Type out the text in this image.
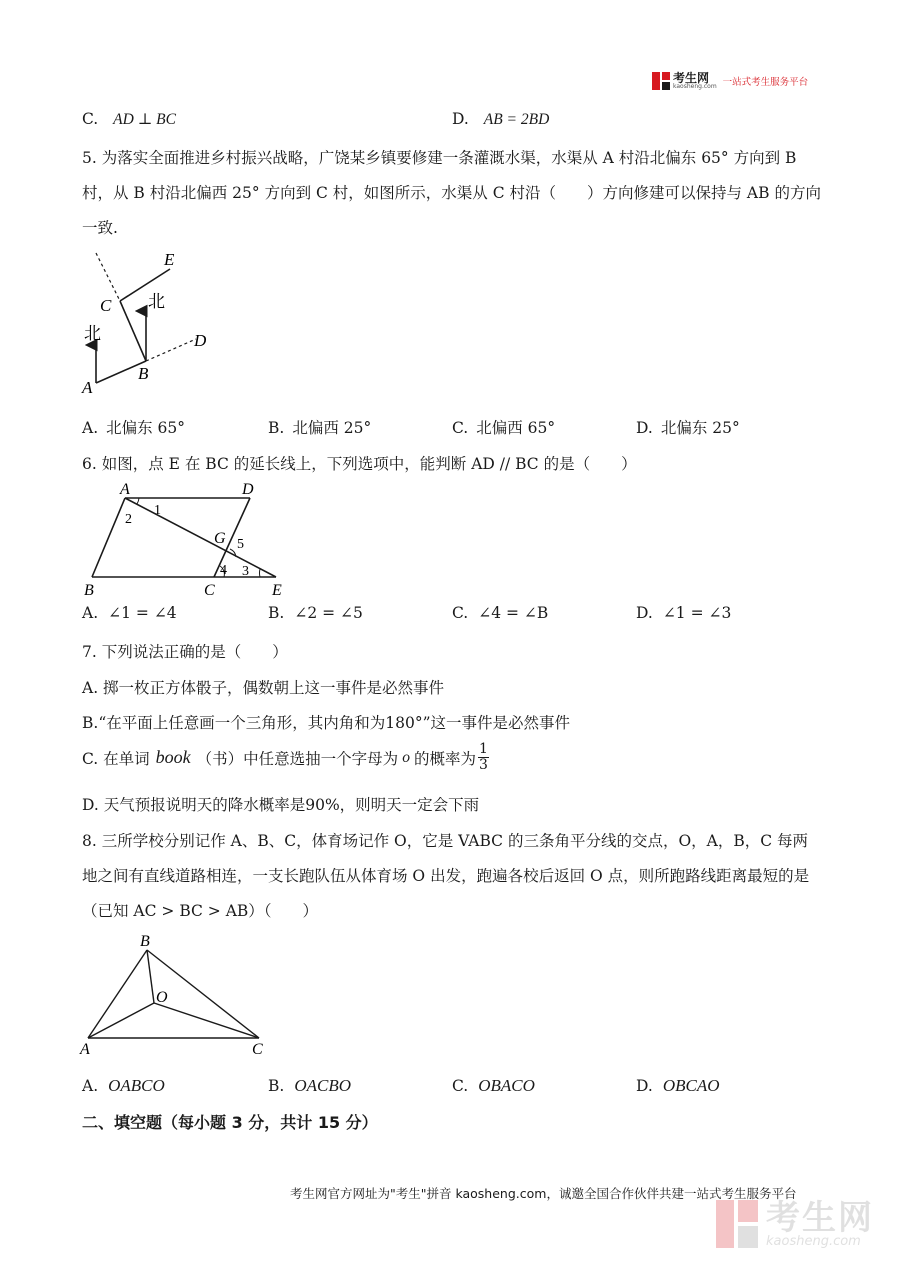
考生网
kaosheng.com 一站式考生服务平台
C. AD ⊥ BC	D. AB = 2BD
5. 为落实全面推进乡村振兴战略，广饶某乡镇要修建一条灌溉水渠，水渠从 A 村沿北偏东 65° 方向到 B
村，从 B 村沿北偏西 25° 方向到 C 村，如图所示，水渠从 C 村沿（　　）方向修建可以保持与 AB 的方向
一致.
E
C 北
北	D
A
B
A. 北偏东 65°	B. 北偏西 25°	C. 北偏西 65°	D. 北偏东 25°
6. 如图，点 E 在 BC 的延长线上，下列选项中，能判断 AD // BC 的是（　　）
A	D
1
2
G 5
4 3
B	C	E
A. ∠1 = ∠4	B. ∠2 = ∠5	C. ∠4 = ∠B	D. ∠1 = ∠3
7. 下列说法正确的是（　　）
A. 掷一枚正方体骰子，偶数朝上这一事件是必然事件
B.“在平面上任意画一个三角形，其内角和为180°”这一事件是必然事件
C. 在单词 book （书）中任意选抽一个字母为 o 的概率为 $\frac{1}{3}$
D. 天气预报说明天的降水概率是90%，则明天一定会下雨
8. 三所学校分别记作 A、B、C，体育场记作 O，它是 VABC 的三条角平分线的交点，O，A，B，C 每两
地之间有直线道路相连，一支长跑队伍从体育场 O 出发，跑遍各校后返回 O 点，则所跑路线距离最短的是
（已知 AC > BC > AB）（　　）
B
O
A	C
A. OABCO	B. OACBO	C. OBACO	D. OBCAO
二、填空题（每小题 3 分，共计 15 分）
考生网官方网址为"考生"拼音 kaosheng.com，诚邀全国合作伙伴共建一站式考生服务平台
考生网
kaosheng.com
